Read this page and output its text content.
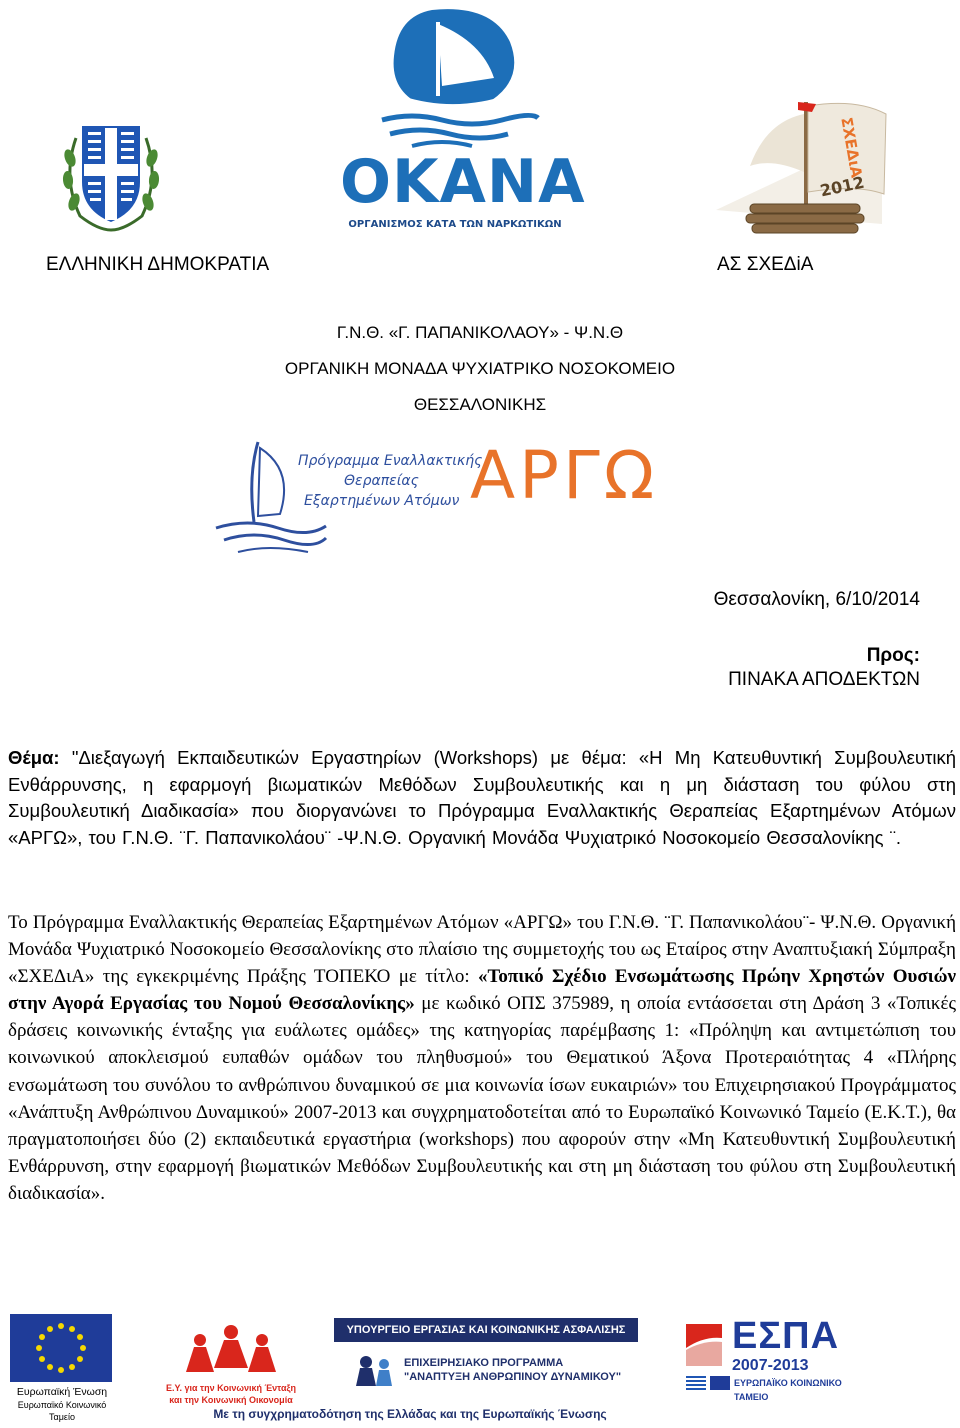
ΟΚΑΝΑ
ΟΡΓΑΝΙΣΜΟΣ ΚΑΤΑ ΤΩΝ ΝΑΡΚΩΤΙΚΩΝ
ΣΧΕΔιΑ
2012
ΕΛΛΗΝΙΚΗ ΔΗΜΟΚΡΑΤΙΑ	ΑΣ ΣΧΕΔiΑ
Γ.Ν.Θ. «Γ. ΠΑΠΑΝΙΚΟΛΑΟΥ» - Ψ.Ν.Θ
ΟΡΓΑΝΙΚΗ ΜΟΝΑΔΑ ΨΥΧΙΑΤΡΙΚΟ ΝΟΣΟΚΟΜΕΙΟ
ΘΕΣΣΑΛΟΝΙΚΗΣ
Πρόγραμμα Εναλλακτικής
Θεραπείας
Εξαρτημένων Ατόμων ΑΡΓΩ
Θεσσαλονίκη, 6/10/2014
Προς:
ΠΙΝΑΚΑ ΑΠΟΔΕΚΤΩΝ
Θέμα: "Διεξαγωγή Εκπαιδευτικών Εργαστηρίων (Workshops) με θέμα: «Η Μη Κατευθυντική Συμβουλευτική Ενθάρρυνσης, η εφαρμογή βιωματικών Μεθόδων Συμβουλευτικής και η μη διάσταση του φύλου στη Συμβουλευτική Διαδικασία» που διοργανώνει το Πρόγραμμα Εναλλακτικής Θεραπείας Εξαρτημένων Ατόμων «ΑΡΓΩ», του Γ.Ν.Θ. ¨Γ. Παπανικολάου¨ -Ψ.Ν.Θ. Οργανική Μονάδα Ψυχιατρικό Νοσοκομείο Θεσσαλονίκης ¨.
Το Πρόγραμμα Εναλλακτικής Θεραπείας Εξαρτημένων Ατόμων «ΑΡΓΩ» του Γ.Ν.Θ. ¨Γ. Παπανικολάου¨- Ψ.Ν.Θ. Οργανική Μονάδα Ψυχιατρικό Νοσοκομείο Θεσσαλονίκης στο πλαίσιο της συμμετοχής του ως Εταίρος στην Αναπτυξιακή Σύμπραξη «ΣΧΕΔιΑ» της εγκεκριμένης Πράξης ΤΟΠΕΚΟ με τίτλο: «Τοπικό Σχέδιο Ενσωμάτωσης Πρώην Χρηστών Ουσιών στην Αγορά Εργασίας του Νομού Θεσσαλονίκης» με κωδικό ΟΠΣ 375989, η οποία εντάσσεται στη Δράση 3 «Τοπικές δράσεις κοινωνικής ένταξης για ευάλωτες ομάδες» της κατηγορίας παρέμβασης 1: «Πρόληψη και αντιμετώπιση του κοινωνικού αποκλεισμού ευπαθών ομάδων του πληθυσμού» του Θεματικού Άξονα Προτεραιότητας 4 «Πλήρης ενσωμάτωση του συνόλου το ανθρώπινου δυναμικού σε μια κοινωνία ίσων ευκαιριών» του Επιχειρησιακού Προγράμματος «Ανάπτυξη Ανθρώπινου Δυναμικού» 2007-2013 και συγχρηματοδοτείται από το Ευρωπαϊκό Κοινωνικό Ταμείο (Ε.Κ.Τ.), θα πραγματοποιήσει δύο (2) εκπαιδευτικά εργαστήρια (workshops) που αφορούν στην «Μη Κατευθυντική Συμβουλευτική Ενθάρρυνση, στην εφαρμογή βιωματικών Μεθόδων Συμβουλευτικής και στη μη διάσταση του φύλου στη Συμβουλευτική διαδικασία».
Ευρωπαϊκή Ένωση
Ευρωπαϊκό Κοινωνικό Ταμείο
Ε.Υ. για την Κοινωνική Ένταξη
και την Κοινωνική Οικονομία
ΥΠΟΥΡΓΕΙΟ ΕΡΓΑΣΙΑΣ ΚΑΙ ΚΟΙΝΩΝΙΚΗΣ ΑΣΦΑΛΙΣΗΣ
ΕΠΙΧΕΙΡΗΣΙΑΚΟ ΠΡΟΓΡΑΜΜΑ
"ΑΝΑΠΤΥΞΗ ΑΝΘΡΩΠΙΝΟΥ ΔΥΝΑΜΙΚΟΥ"
ΕΣΠΑ
2007-2013
ΕΥΡΩΠΑΪΚΟ ΚΟΙΝΩΝΙΚΟ ΤΑΜΕΙΟ
Με τη συγχρηματοδότηση της Ελλάδας και της Ευρωπαϊκής Ένωσης
